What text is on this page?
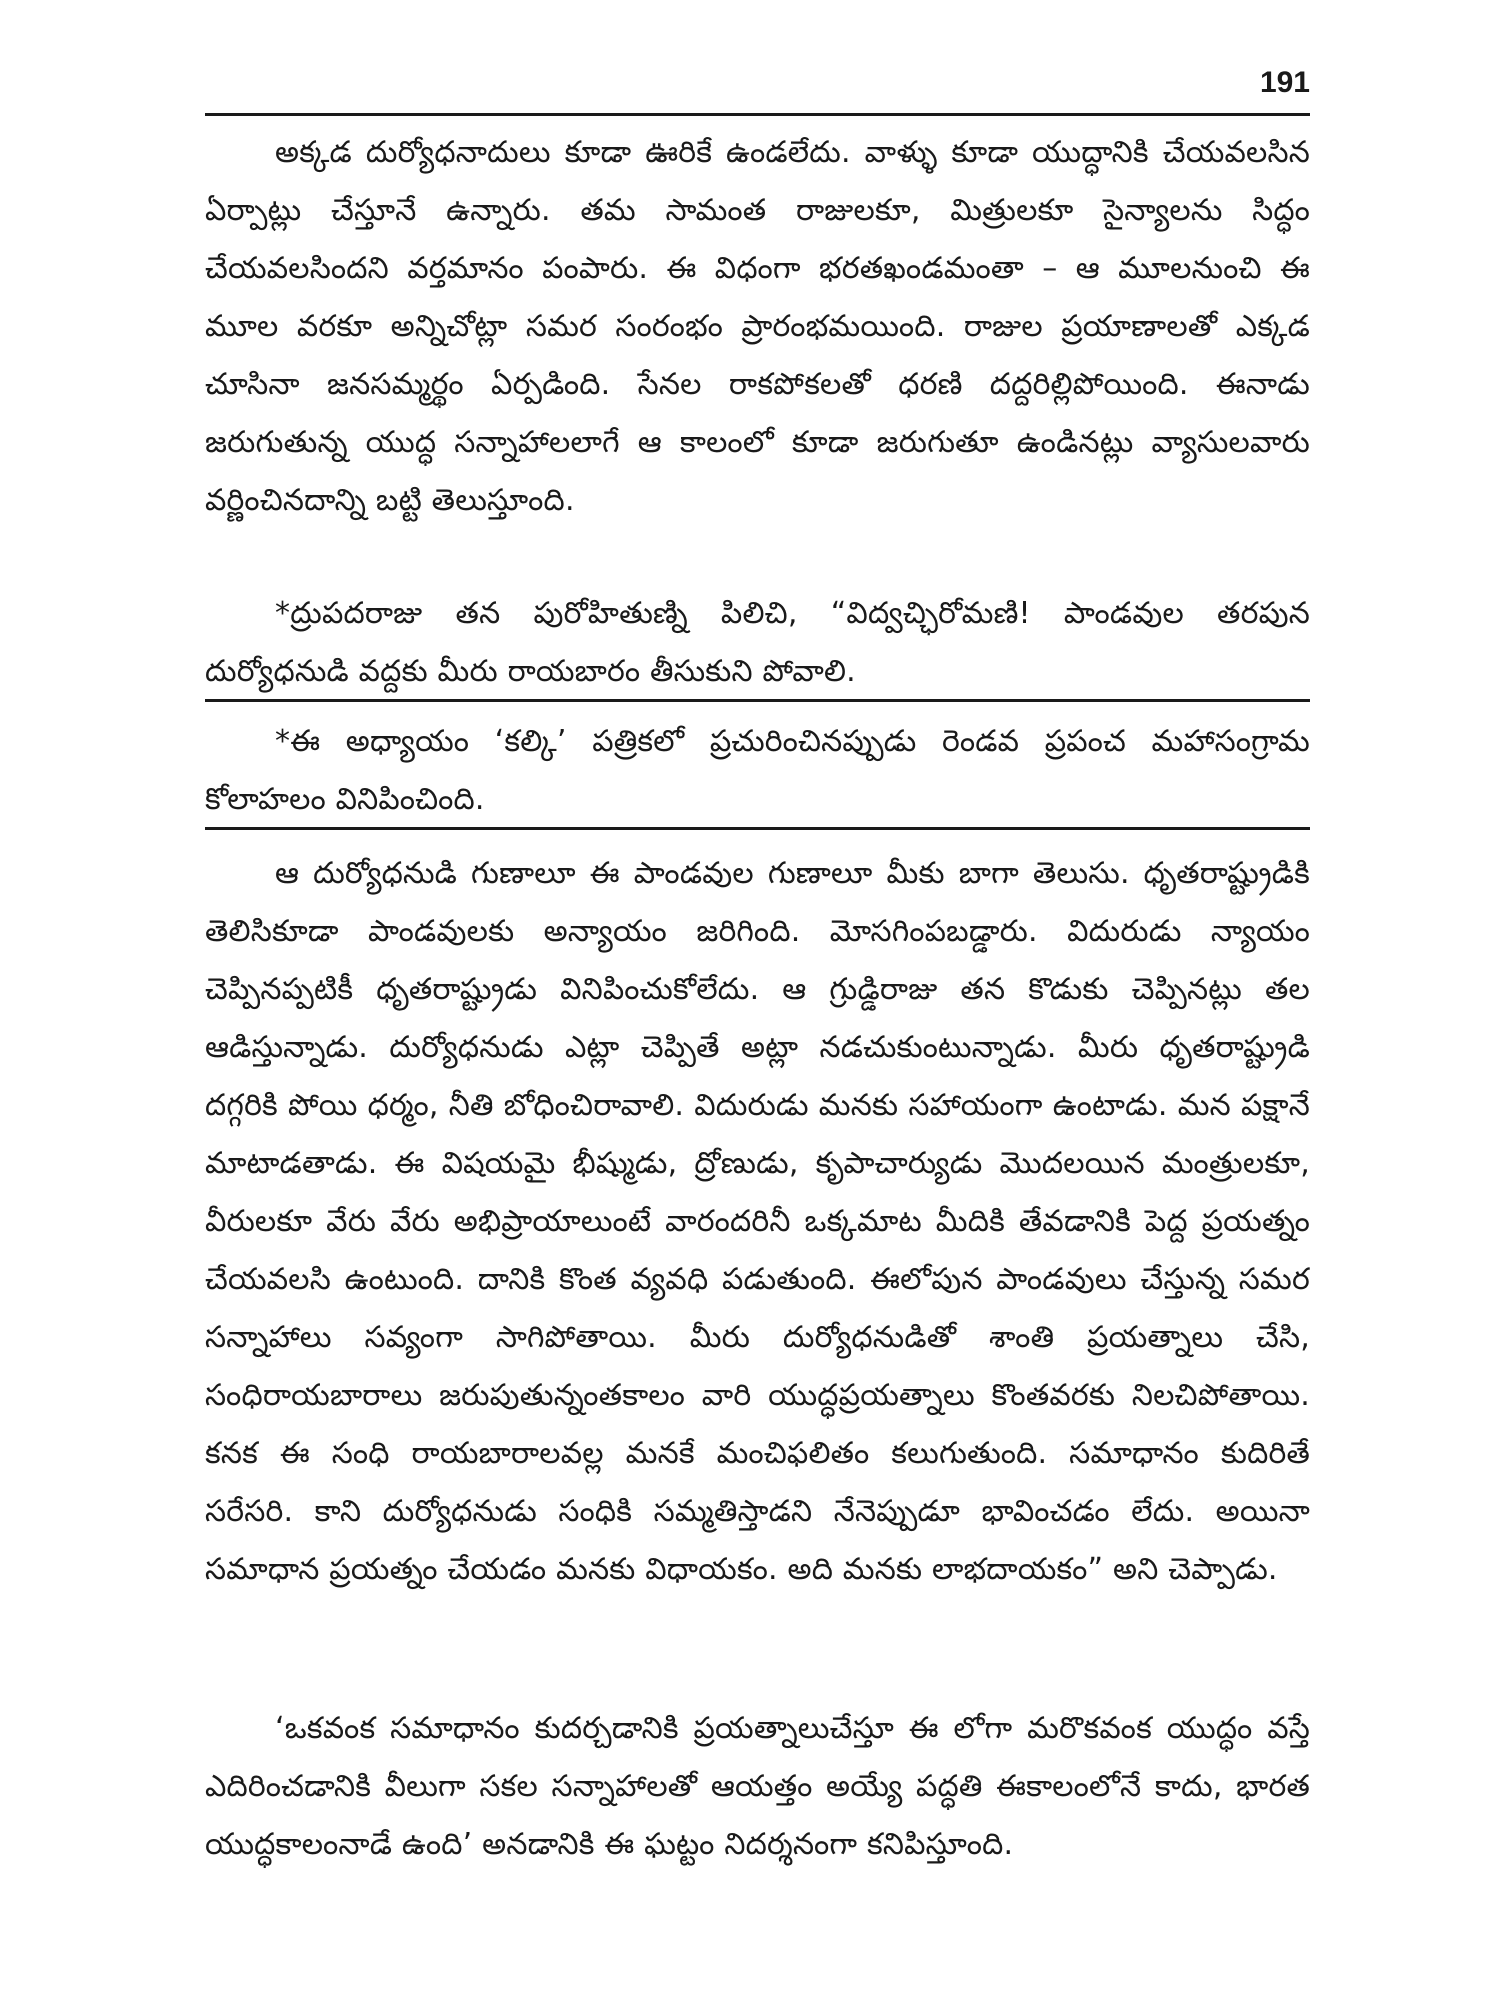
191

అక్కడ దుర్యోధనాదులు కూడా ఊరికే ఉండలేదు. వాళ్ళు కూడా యుద్ధానికి చేయవలసిన ఏర్పాట్లు చేస్తూనే ఉన్నారు. తమ సామంత రాజులకూ, మిత్రులకూ సైన్యాలను సిద్ధం చేయవలసిందని వర్తమానం పంపారు. ఈ విధంగా భరతఖండమంతా – ఆ మూలనుంచి ఈ మూల వరకూ అన్నిచోట్లా సమర సంరంభం ప్రారంభమయింది. రాజుల ప్రయాణాలతో ఎక్కడ చూసినా జనసమ్మర్థం ఏర్పడింది. సేనల రాకపోకలతో ధరణి దద్దరిల్లిపోయింది. ఈనాడు జరుగుతున్న యుద్ధ సన్నాహాలలాగే ఆ కాలంలో కూడా జరుగుతూ ఉండినట్లు వ్యాసులవారు వర్ణించినదాన్ని బట్టి తెలుస్తూంది.

*ద్రుపదరాజు తన పురోహితుణ్ని పిలిచి, “విద్వచ్ఛిరోమణి! పాండవుల తరపున దుర్యోధనుడి వద్దకు మీరు రాయబారం తీసుకుని పోవాలి.

*ఈ అధ్యాయం ‘కల్కి’ పత్రికలో ప్రచురించినప్పుడు రెండవ ప్రపంచ మహాసంగ్రామ కోలాహలం వినిపించింది.

ఆ దుర్యోధనుడి గుణాలూ ఈ పాండవుల గుణాలూ మీకు బాగా తెలుసు. ధృతరాష్ట్రుడికి తెలిసికూడా పాండవులకు అన్యాయం జరిగింది. మోసగింపబడ్డారు. విదురుడు న్యాయం చెప్పినప్పటికీ ధృతరాష్ట్రుడు వినిపించుకోలేదు. ఆ గ్రుడ్డిరాజు తన కొడుకు చెప్పినట్లు తల ఆడిస్తున్నాడు. దుర్యోధనుడు ఎట్లా చెప్పితే అట్లా నడచుకుంటున్నాడు. మీరు ధృతరాష్ట్రుడి దగ్గరికి పోయి ధర్మం, నీతి బోధించిరావాలి. విదురుడు మనకు సహాయంగా ఉంటాడు. మన పక్షానే మాటాడతాడు. ఈ విషయమై భీష్ముడు, ద్రోణుడు, కృపాచార్యుడు మొదలయిన మంత్రులకూ, వీరులకూ వేరు వేరు అభిప్రాయాలుంటే వారందరినీ ఒక్కమాట మీదికి తేవడానికి పెద్ద ప్రయత్నం చేయవలసి ఉంటుంది. దానికి కొంత వ్యవధి పడుతుంది. ఈలోపున పాండవులు చేస్తున్న సమర సన్నాహాలు సవ్యంగా సాగిపోతాయి. మీరు దుర్యోధనుడితో శాంతి ప్రయత్నాలు చేసి, సంధిరాయబారాలు జరుపుతున్నంతకాలం వారి యుద్ధప్రయత్నాలు కొంతవరకు నిలచిపోతాయి. కనక ఈ సంధి రాయబారాలవల్ల మనకే మంచిఫలితం కలుగుతుంది. సమాధానం కుదిరితే సరేసరి. కాని దుర్యోధనుడు సంధికి సమ్మతిస్తాడని నేనెప్పుడూ భావించడం లేదు. అయినా సమాధాన ప్రయత్నం చేయడం మనకు విధాయకం. అది మనకు లాభదాయకం” అని చెప్పాడు.

‘ఒకవంక సమాధానం కుదర్చడానికి ప్రయత్నాలుచేస్తూ ఈ లోగా మరొకవంక యుద్ధం వస్తే ఎదిరించడానికి వీలుగా సకల సన్నాహాలతో ఆయత్తం అయ్యే పద్ధతి ఈకాలంలోనే కాదు, భారత యుద్ధకాలంనాడే ఉంది’ అనడానికి ఈ ఘట్టం నిదర్శనంగా కనిపిస్తూంది.
